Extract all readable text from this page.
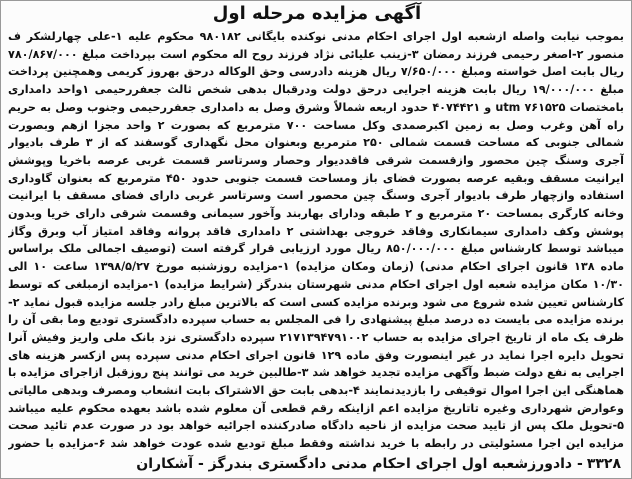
آگهی مزایده مرحله اول
بموجب نیابت واصله ازشعبه اول اجرای احکام مدنی نوکنده بایگانی ۹۸۰۱۸۲ محکوم علیه ۱-علی چهارلشکر ف منصور ۲-اصغر رحیمی فرزند رمضان ۳-زینب علیائی نژاد فرزند روح اله محکوم است بپرداخت مبلغ ۷۸۰/۸۶۷/۰۰۰ ریال بابت اصل خواسته ومبلغ ۷/۶۵۰/۰۰۰ ریال هزینه دادرسی وحق الوکاله درحق بهروز کریمی وهمچنین پرداخت مبلغ ۱۹/۰۰۰/۰۰۰ ریال بابت هزینه اجرایی درحق دولت ودرقبال بدهی شخص ثالث جعفررحیمی ۱واحد دامداری بامختصات utm ۷۶۱۵۲۵ و ۴۰۷۴۴۲۱ حدود اربعه شمالاً وشرق وصل به دامداری جعفررحیمی وجنوب وصل به حریم راه آهن وغرب وصل به زمین اکبرصمدی وکل مساحت ۷۰۰ مترمربع که بصورت ۲ واحد مجزا ازهم وبصورت شمالی جنوبی که مساحت قسمت شمالی ۲۵۰ مترمربع وبعنوان محل نگهداری گوسفند که از ۳ طرف بادیوار آجری وسنگ چین محصور وازقسمت شرقی فاقددیوار وحصار وسرتاسر قسمت غربی عرصه باخریا وپوشش ایرانیت مسقف وبقیه عرصه بصورت فضای باز ومساحت قسمت جنوبی حدود ۴۵۰ مترمربع که بعنوان گاوداری استفاده وازچهار طرف بادیوار آجری وسنگ چین محصور است وسرتاسر غربی دارای فضای مسقف با ایرانیت وخانه کارگری بمساحت ۲۰ مترمربع و ۲ طبقه ودارای بهاربند وآخور سیمانی وقسمت شرقی دارای خریا وبدون پوشش وکف دامداری سیمانکاری وفاقد خروجی بهداشتی ۲ دامداری فاقد پروانه وفاقد امتیاز آب وبرق وگاز میباشد توسط کارشناس مبلغ ۸۵۰/۰۰۰/۰۰۰ ریال مورد ارزیابی قرار گرفته است (توصیف اجمالی ملک براساس ماده ۱۳۸ قانون اجرای احکام مدنی) (زمان ومکان مزایده) ۱-مزایده روزشنبه مورخ ۱۳۹۸/۵/۲۷ ساعت ۱۰ الی ۱۰/۳۰ مکان مزایده شعبه اول اجرای احکام مدنی شهرستان بندرگز (شرایط مزایده) ۱-مزایده ازمبلغی که توسط کارشناس تعیین شده شروع می شود وبرنده مزایده کسی است که بالاترین مبلغ رادر جلسه مزایده قبول نماید ۲-برنده مزایده می بایست ده درصد مبلغ پیشنهادی را فی المجلس به حساب سپرده دادگستری تودیع وما بقی آن را ظرف یک ماه از تاریخ اجرای مزایده به حساب ۲۱۷۱۳۹۴۷۹۱۰۰۲ سپرده دادگستری نزد بانک ملی واریز وفیش آنرا تحویل دایره اجرا نماید در غیر اینصورت وفق ماده ۱۲۹ قانون اجرای احکام مدنی سپرده پس ازکسر هزینه های اجرایی به نفع دولت ضبط وآگهی مزایده تجدید خواهد شد ۳-طالبین خرید می توانند پنج روزقبل ازاجرای مزایده با هماهنگی این اجرا اموال توقیفی را بازدیدنمایند ۴-بدهی بابت حق الاشتراک بابت انشعاب ومصرف وبدهی مالیاتی وعوارض شهرداری وغیره تاتاریخ مزایده اعم ازاینکه رقم قطعی آن معلوم شده باشد بعهده محکوم علیه میباشد ۵-تحویل ملک پس از تایید صحت مزایده از ناحیه دادگاه صادرکننده اجرائیه خواهد بود در صورت عدم تائید صحت مزایده این اجرا مسئولیتی در رابطه با خرید نداشته وفقط مبلغ تودیع شده عودت خواهد شد ۶-مزایده با حضور
۳۳۲۸- دادورزشعبه اول اجرای احکام مدنی دادگستری بندرگز - آشکاران
